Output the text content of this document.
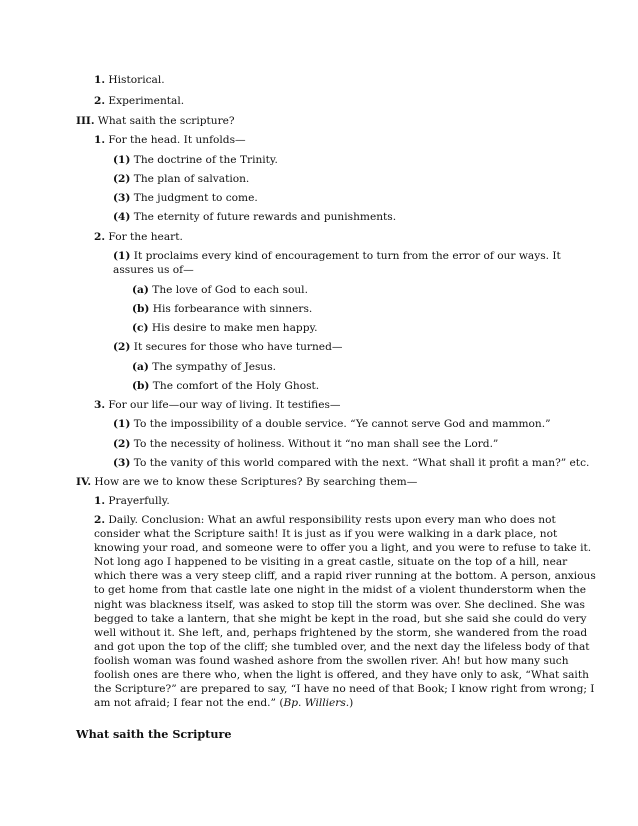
1. Historical.
2. Experimental.
III. What saith the scripture?
1. For the head. It unfolds—
(1) The doctrine of the Trinity.
(2) The plan of salvation.
(3) The judgment to come.
(4) The eternity of future rewards and punishments.
2. For the heart.
(1) It proclaims every kind of encouragement to turn from the error of our ways. It
assures us of—
(a) The love of God to each soul.
(b) His forbearance with sinners.
(c) His desire to make men happy.
(2) It secures for those who have turned—
(a) The sympathy of Jesus.
(b) The comfort of the Holy Ghost.
3. For our life—our way of living. It testifies—
(1) To the impossibility of a double service. “Ye cannot serve God and mammon.”
(2) To the necessity of holiness. Without it “no man shall see the Lord.”
(3) To the vanity of this world compared with the next. “What shall it profit a man?” etc.
IV. How are we to know these Scriptures? By searching them—
1. Prayerfully.
2. Daily. Conclusion: What an awful responsibility rests upon every man who does not
consider what the Scripture saith! It is just as if you were walking in a dark place, not
knowing your road, and someone were to offer you a light, and you were to refuse to take it.
Not long ago I happened to be visiting in a great castle, situate on the top of a hill, near
which there was a very steep cliff, and a rapid river running at the bottom. A person, anxious
to get home from that castle late one night in the midst of a violent thunderstorm when the
night was blackness itself, was asked to stop till the storm was over. She declined. She was
begged to take a lantern, that she might be kept in the road, but she said she could do very
well without it. She left, and, perhaps frightened by the storm, she wandered from the road
and got upon the top of the cliff; she tumbled over, and the next day the lifeless body of that
foolish woman was found washed ashore from the swollen river. Ah! but how many such
foolish ones are there who, when the light is offered, and they have only to ask, “What saith
the Scripture?” are prepared to say, “I have no need of that Book; I know right from wrong; I
am not afraid; I fear not the end.” (Bp. Williers.)
What saith the Scripture
